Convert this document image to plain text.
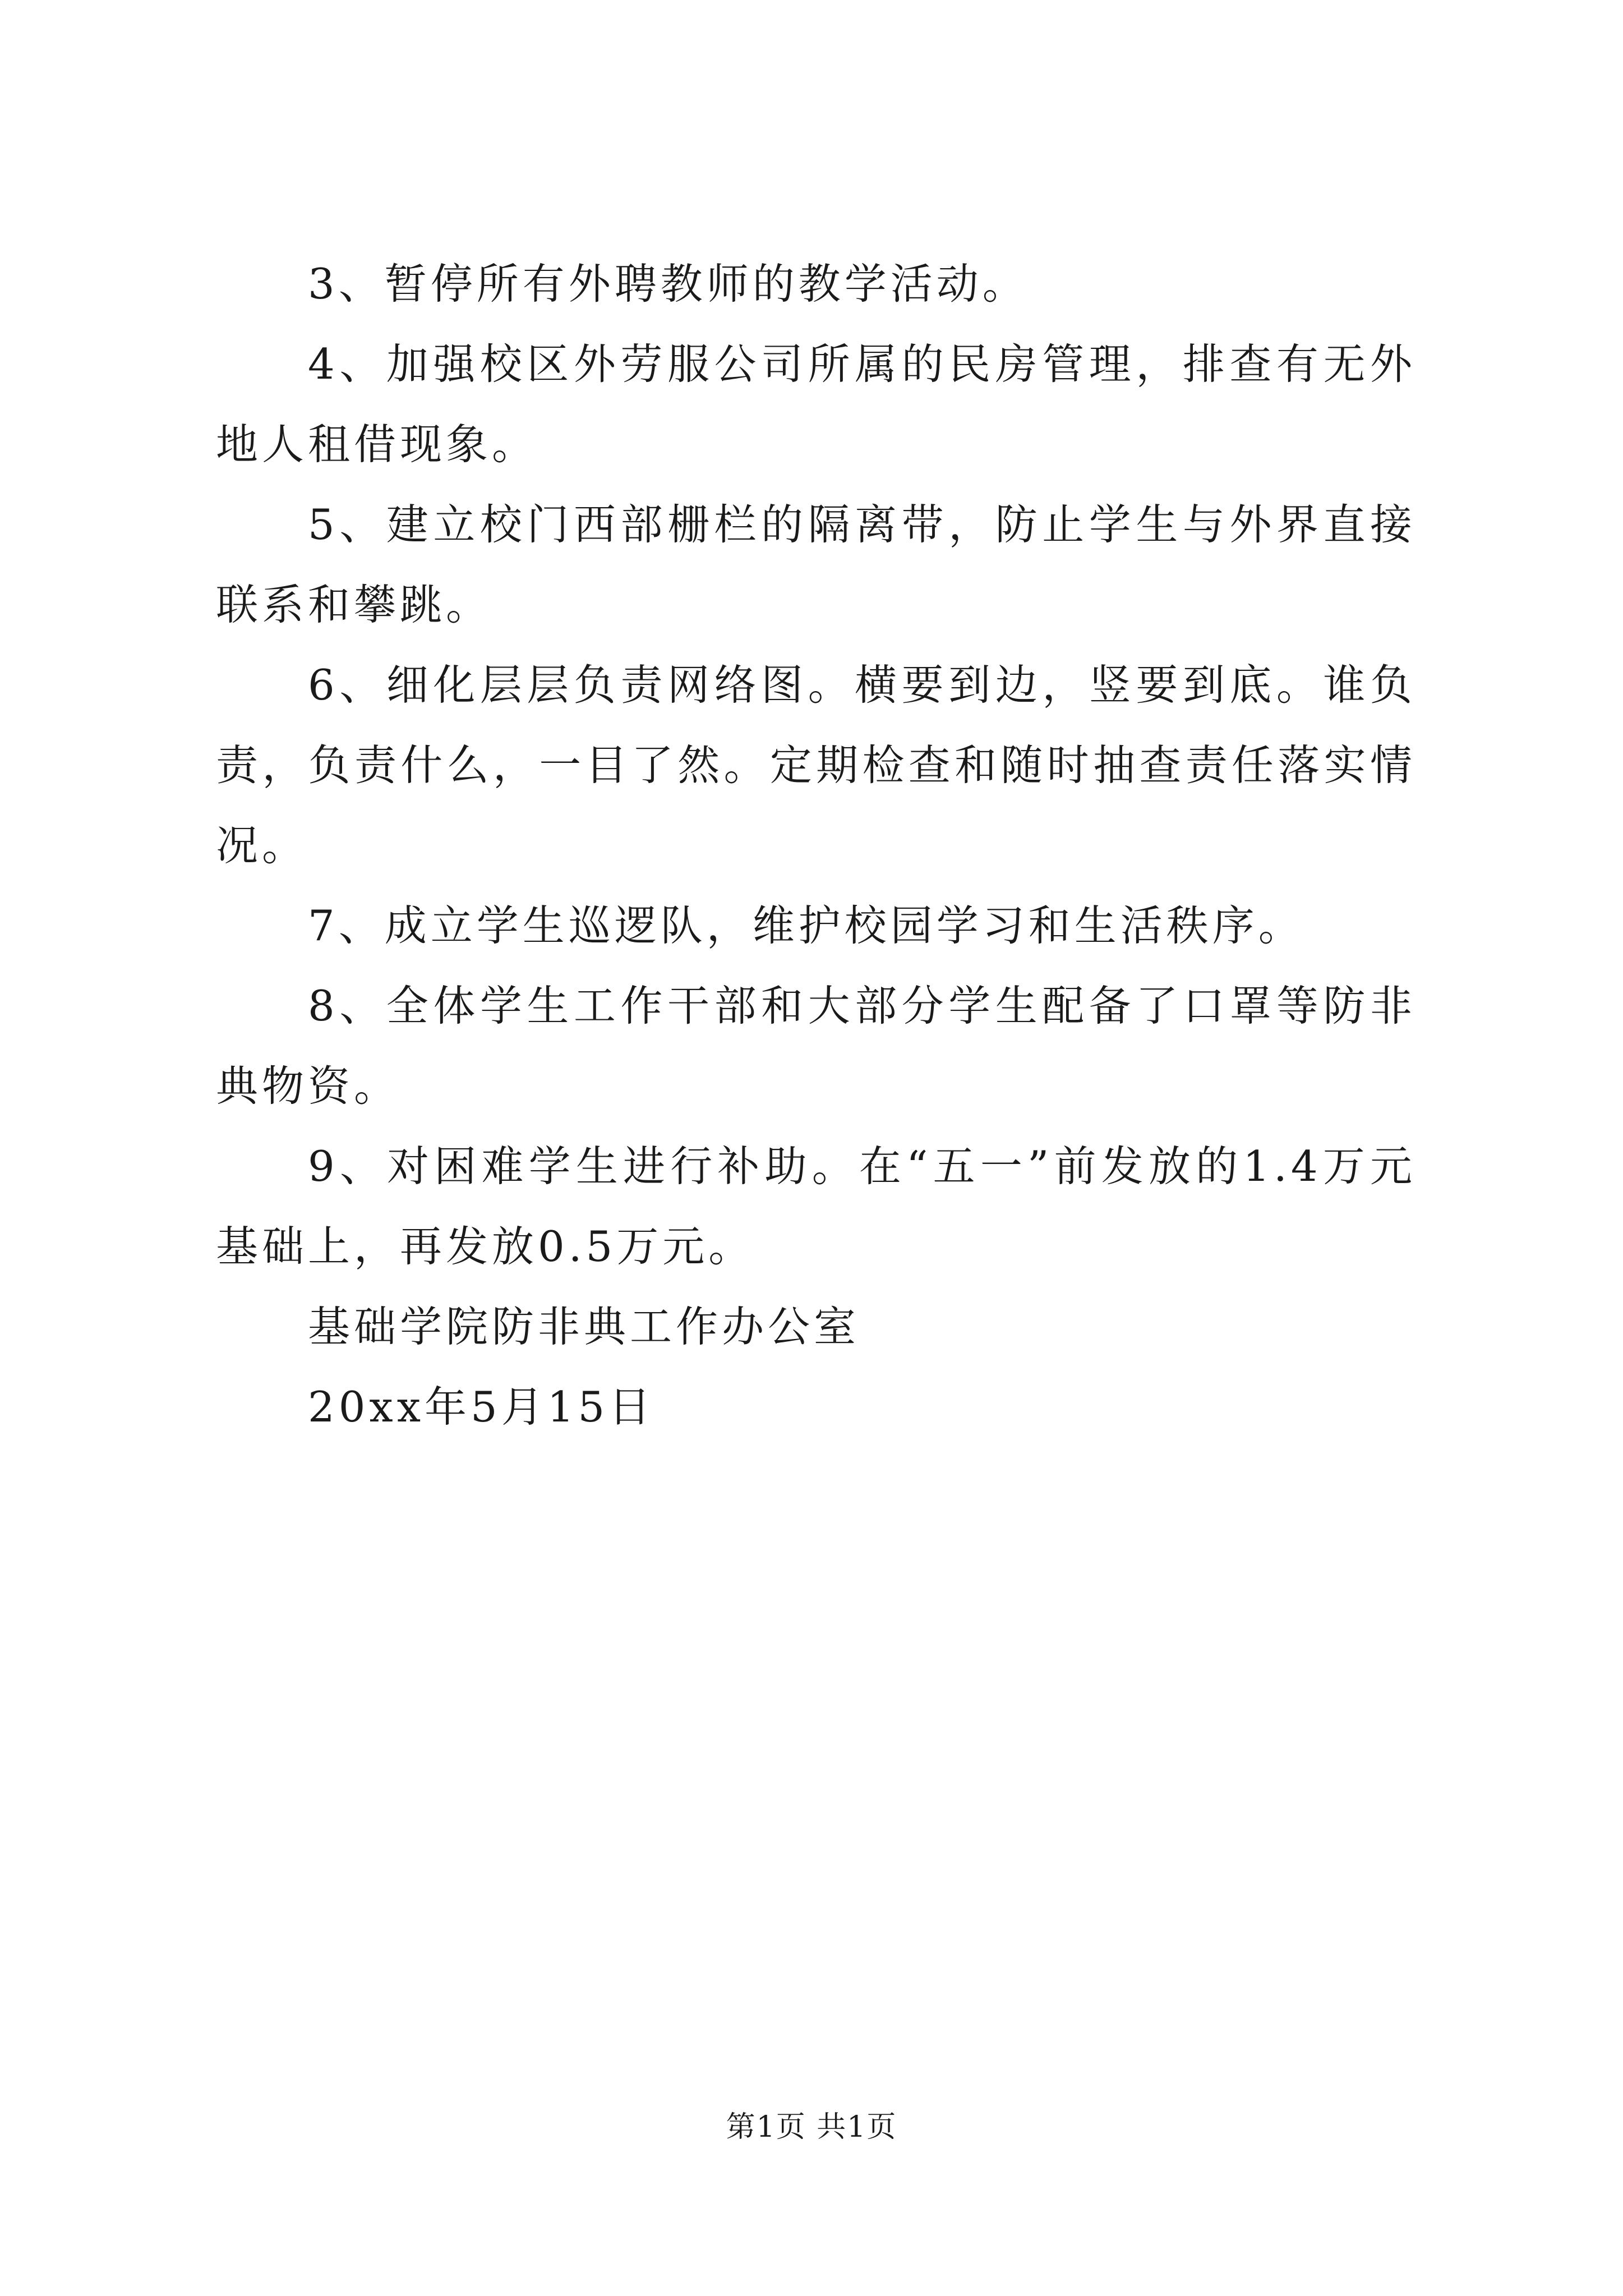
3、暂停所有外聘教师的教学活动。

4、加强校区外劳服公司所属的民房管理，排查有无外地人租借现象。

5、建立校门西部栅栏的隔离带，防止学生与外界直接联系和攀跳。

6、细化层层负责网络图。横要到边，竖要到底。谁负责，负责什么，一目了然。定期检查和随时抽查责任落实情况。

7、成立学生巡逻队，维护校园学习和生活秩序。

8、全体学生工作干部和大部分学生配备了口罩等防非典物资。

9、对困难学生进行补助。在“五一”前发放的1.4万元基础上，再发放0.5万元。

基础学院防非典工作办公室

20xx年5月15日

第1页 共1页
